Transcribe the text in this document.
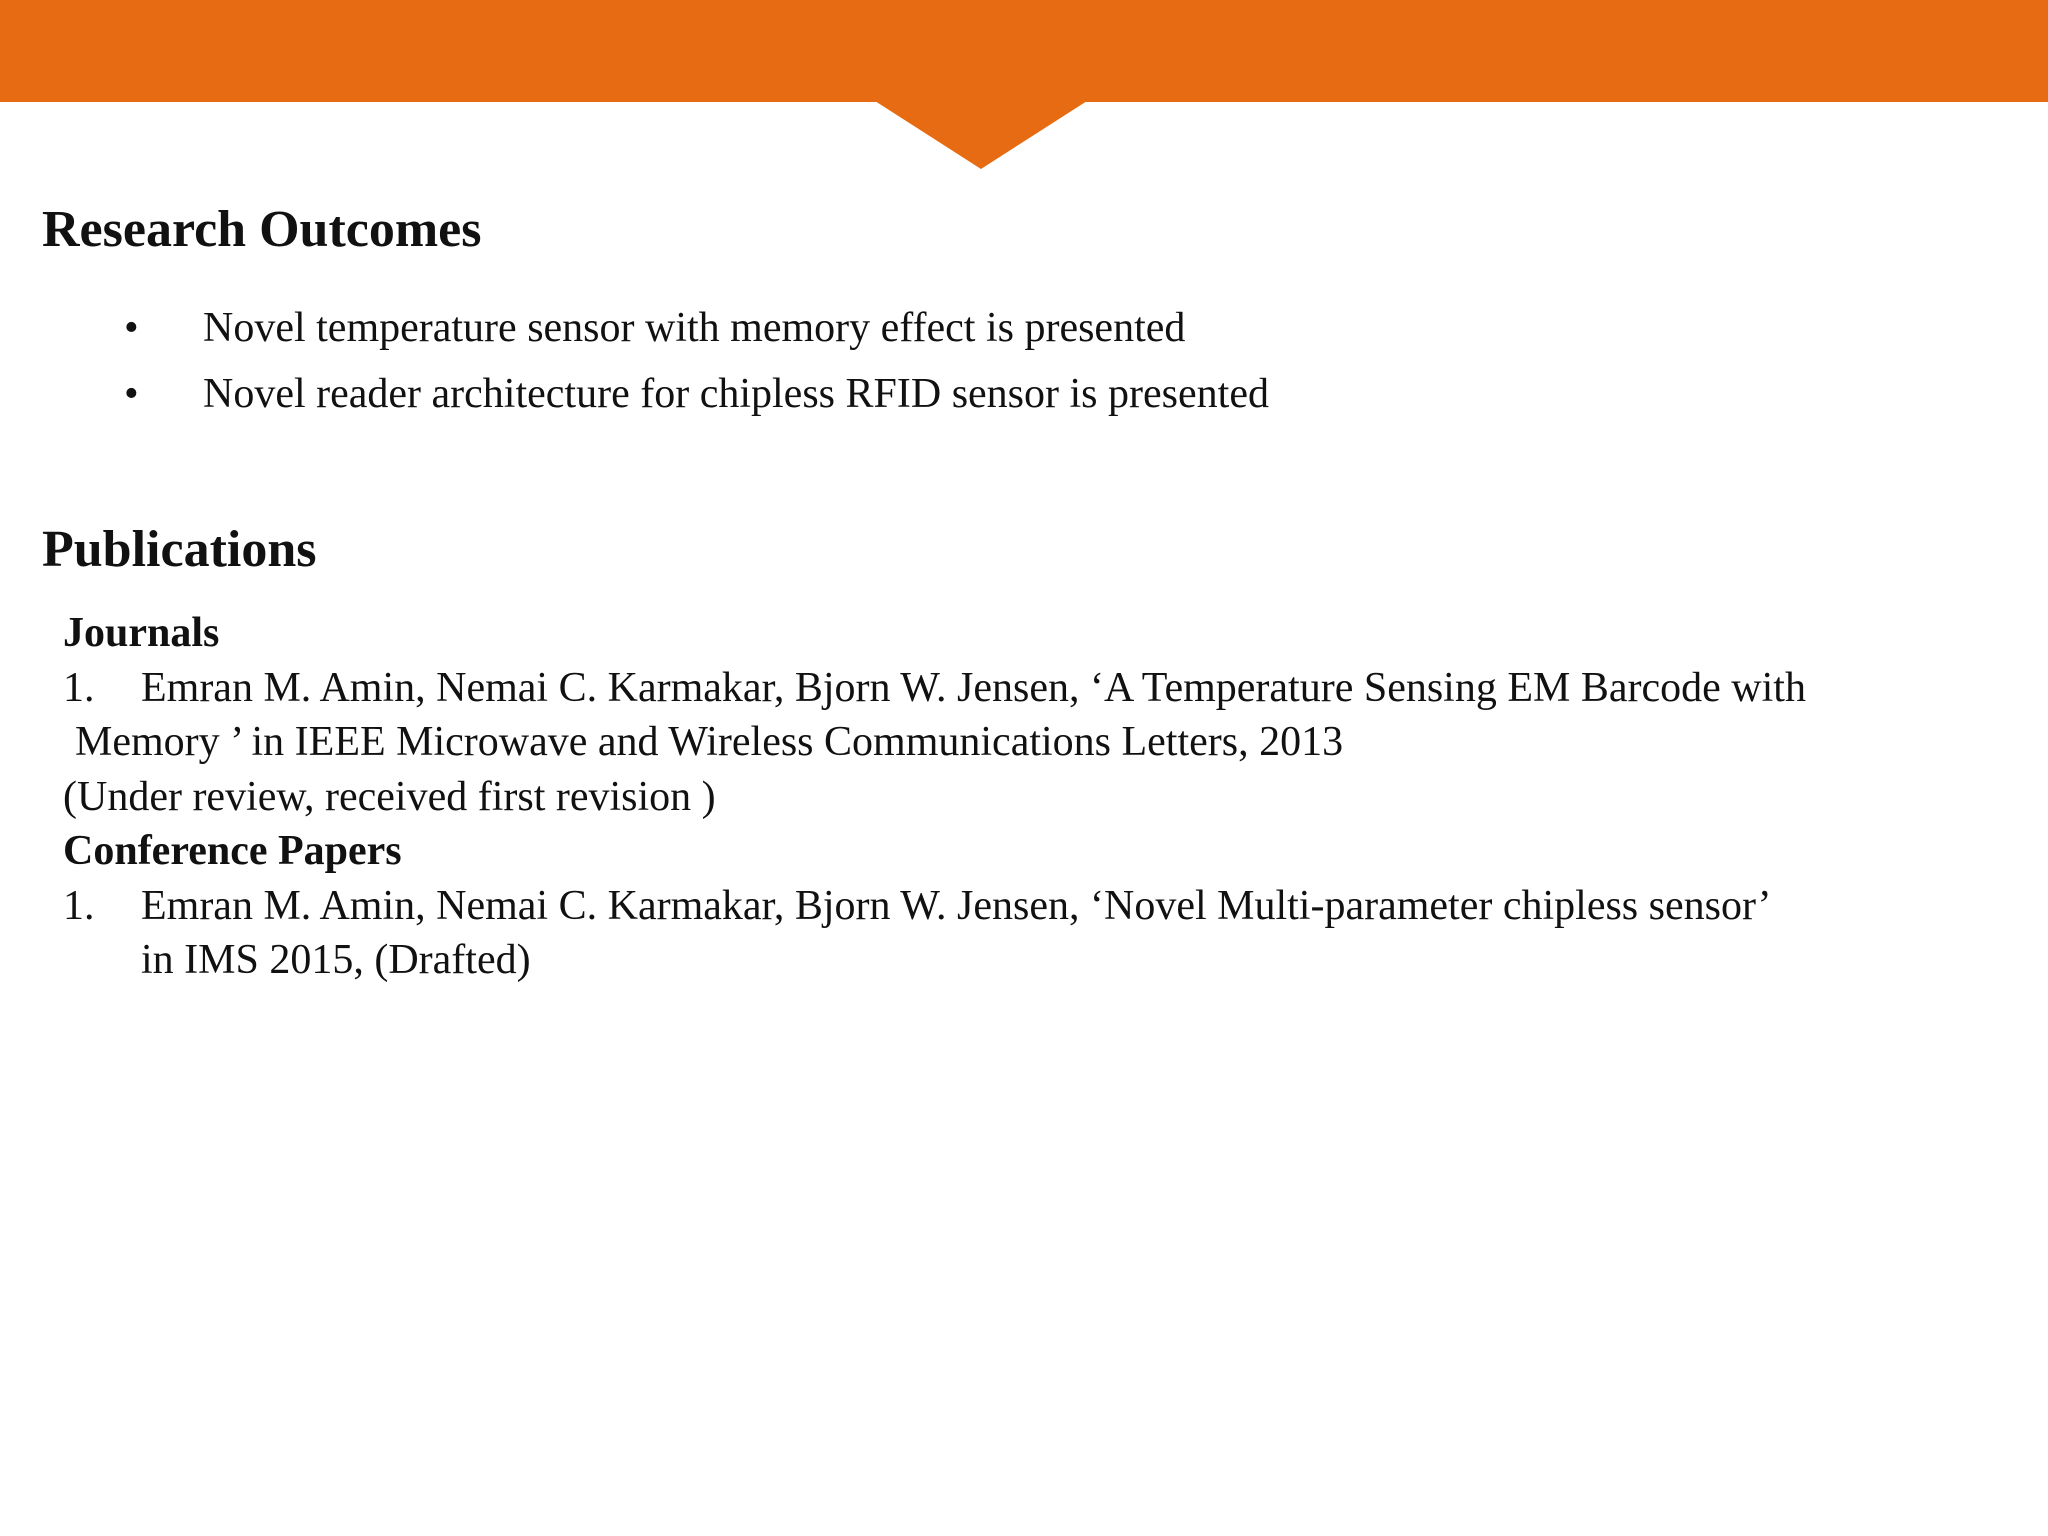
Research Outcomes
• Novel temperature sensor with memory effect is presented
• Novel reader architecture for chipless RFID sensor is presented
Publications
Journals
1. Emran M. Amin, Nemai C. Karmakar, Bjorn W. Jensen, ‘A Temperature Sensing EM Barcode with
Memory ’ in IEEE Microwave and Wireless Communications Letters, 2013
(Under review, received first revision )
Conference Papers
1. Emran M. Amin, Nemai C. Karmakar, Bjorn W. Jensen, ‘Novel Multi-parameter chipless sensor’
in IMS 2015, (Drafted)
